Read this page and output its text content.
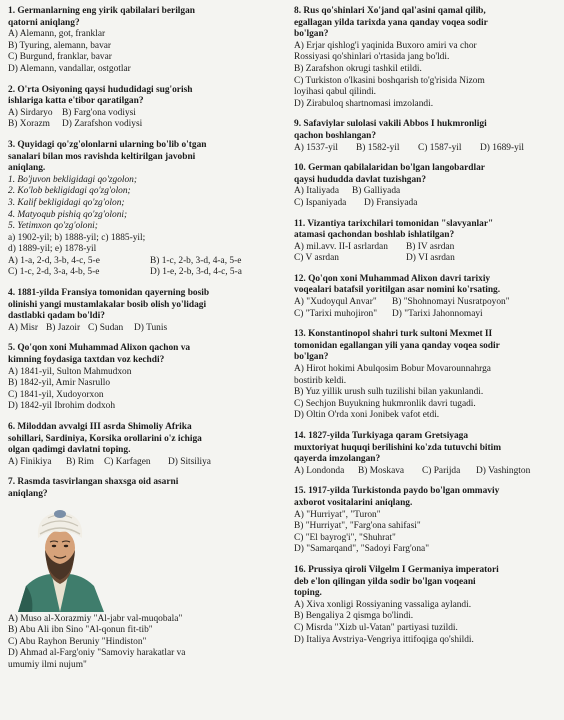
1. Germanlarning eng yirik qabilalari berilgan
qatorni aniqlang?
A) Alemann, got, franklar
B) Tyuring, alemann, bavar
C) Burgund, franklar, bavar
D) Alemann, vandallar, ostgotlar
2. O'rta Osiyoning qaysi hududidagi sug'orish
ishlariga katta e'tibor qaratilgan?
A) Sirdaryo	B) Farg'ona vodiysi
B) Xorazm	D) Zarafshon vodiysi
3. Quyidagi qo'zg'olonlarni ularning bo'lib o'tgan
sanalari bilan mos ravishda keltirilgan javobni
aniqlang.
1. Bo'juvon bekligidagi qo'zgolon;
2. Ko'lob bekligidagi qo'zg'olon;
3. Kalif bekligidagi qo'zg'olon;
4. Matyoqub pishiq qo'zg'oloni;
5. Yetimxon qo'zg'oloni;
a) 1902-yil; b) 1888-yil; c) 1885-yil;
d) 1889-yil; e) 1878-yil
A) 1-a, 2-d, 3-b, 4-c, 5-e	B) 1-c, 2-b, 3-d, 4-a, 5-e
C) 1-c, 2-d, 3-a, 4-b, 5-e	D) 1-e, 2-b, 3-d, 4-c, 5-a
4. 1881-yilda Fransiya tomonidan qayerning bosib
olinishi yangi mustamlakalar bosib olish yo'lidagi
dastlabki qadam bo'ldi?
A) Misr B) Jazoir C) Sudan	D) Tunis
5. Qo'qon xoni Muhammad Alixon qachon va
kimning foydasiga taxtdan voz kechdi?
A) 1841-yil, Sulton Mahmudxon
B) 1842-yil, Amir Nasrullo
C) 1841-yil, Xudoyorxon
D) 1842-yil Ibrohim dodxoh
6. Miloddan avvalgi III asrda Shimoliy Afrika
sohillari, Sardiniya, Korsika orollarini o'z ichiga
olgan qadimgi davlatni toping.
A) Finikiya	B) Rim	C) Karfagen	D) Sitsiliya
7. Rasmda tasvirlangan shaxsga oid asarni
aniqlang?
A) Muso al-Xorazmiy "Al-jabr val-muqobala"
B) Abu Ali ibn Sino "Al-qonun fit-tib"
C) Abu Rayhon Beruniy "Hindiston"
D) Ahmad al-Farg'oniy "Samoviy harakatlar va
umumiy ilmi nujum"
8. Rus qo'shinlari Xo'jand qal'asini qamal qilib,
egallagan yilda tarixda yana qanday voqea sodir
bo'lgan?
A) Erjar qishlog'i yaqinida Buxoro amiri va chor
Rossiyasi qo'shinlari o'rtasida jang bo'ldi.
B) Zarafshon okrugi tashkil etildi.
C) Turkiston o'lkasini boshqarish to'g'risida Nizom
loyihasi qabul qilindi.
D) Zirabuloq shartnomasi imzolandi.
9. Safaviylar sulolasi vakili Abbos I hukmronligi
qachon boshlangan?
A) 1537-yil	B) 1582-yil	C) 1587-yil	D) 1689-yil
10. German qabilalaridan bo'lgan langobardlar
qaysi hududda davlat tuzishgan?
A) Italiyada	B) Galliyada
C) Ispaniyada	D) Fransiyada
11. Vizantiya tarixchilari tomonidan "slavyanlar"
atamasi qachondan boshlab ishlatilgan?
A) mil.avv. II-I asrlardan	B) IV asrdan
C) V asrdan	D) VI asrdan
12. Qo'qon xoni Muhammad Alixon davri tarixiy
voqealari batafsil yoritilgan asar nomini ko'rsating.
A) "Xudoyqul Anvar"	B) "Shohnomayi Nusratpoyon"
C) "Tarixi muhojiron"	D) "Tarixi Jahonnomayi
13. Konstantinopol shahri turk sultoni Mexmet II
tomonidan egallangan yili yana qanday voqea sodir
bo'lgan?
A) Hirot hokimi Abulqosim Bobur Movarounnahrga
bostirib keldi.
B) Yuz yillik urush sulh tuzilishi bilan yakunlandi.
C) Sechjon Buyukning hukmronlik davri tugadi.
D) Oltin O'rda xoni Jonibek vafot etdi.
14. 1827-yilda Turkiyaga qaram Gretsiyaga
muxtoriyat huquqi berilishini ko'zda tutuvchi bitim
qayerda imzolangan?
A) Londonda	B) Moskava	C) Parijda	D) Vashington
15. 1917-yilda Turkistonda paydo bo'lgan ommaviy
axborot vositalarini aniqlang.
A) "Hurriyat", "Turon"
B) "Hurriyat", "Farg'ona sahifasi"
C) "El bayrog'i", "Shuhrat"
D) "Samarqand", "Sadoyi Farg'ona"
16. Prussiya qiroli Vilgelm I Germaniya imperatori
deb e'lon qilingan yilda sodir bo'lgan voqeani
toping.
A) Xiva xonligi Rossiyaning vassaliga aylandi.
B) Bengaliya 2 qismga bo'lindi.
C) Misrda "Xizb ul-Vatan" partiyasi tuzildi.
D) Italiya Avstriya-Vengriya ittifoqiga qo'shildi.
